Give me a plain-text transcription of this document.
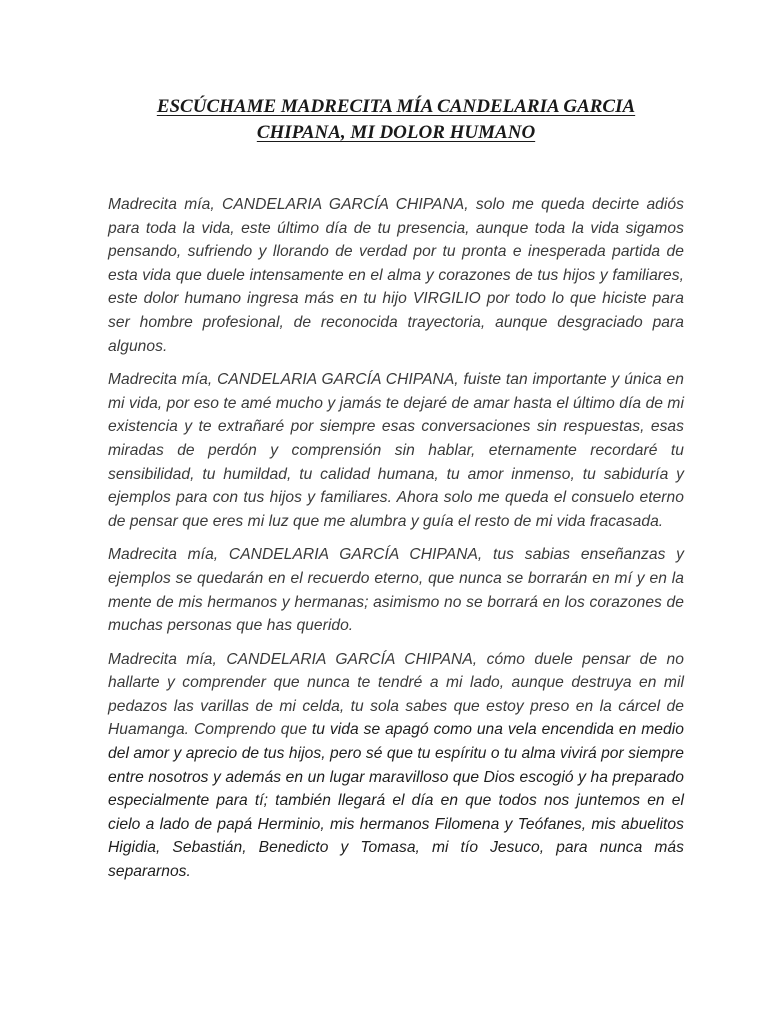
ESCÚCHAME MADRECITA MÍA CANDELARIA GARCIA
CHIPANA, MI DOLOR HUMANO

Madrecita mía, CANDELARIA GARCÍA CHIPANA, solo me queda decirte adiós para toda la vida, este último día de tu presencia, aunque toda la vida sigamos pensando, sufriendo y llorando de verdad por tu pronta e inesperada partida de esta vida que duele intensamente en el alma y corazones de tus hijos y familiares, este dolor humano ingresa más en tu hijo VIRGILIO por todo lo que hiciste para ser hombre profesional, de reconocida trayectoria, aunque desgraciado para algunos.

Madrecita mía, CANDELARIA GARCÍA CHIPANA, fuiste tan importante y única en mi vida, por eso te amé mucho y jamás te dejaré de amar hasta el último día de mi existencia y te extrañaré por siempre esas conversaciones sin respuestas, esas miradas de perdón y comprensión sin hablar, eternamente recordaré tu sensibilidad, tu humildad, tu calidad humana, tu amor inmenso, tu sabiduría y ejemplos para con tus hijos y familiares. Ahora solo me queda el consuelo eterno de pensar que eres mi luz que me alumbra y guía el resto de mi vida fracasada.

Madrecita mía, CANDELARIA GARCÍA CHIPANA, tus sabias enseñanzas y ejemplos se quedarán en el recuerdo eterno, que nunca se borrarán en mí y en la mente de mis hermanos y hermanas; asimismo no se borrará en los corazones de muchas personas que has querido.

Madrecita mía, CANDELARIA GARCÍA CHIPANA, cómo duele pensar de no hallarte y comprender que nunca te tendré a mi lado, aunque destruya en mil pedazos las varillas de mi celda, tu sola sabes que estoy preso en la cárcel de Huamanga. Comprendo que tu vida se apagó como una vela encendida en medio del amor y aprecio de tus hijos, pero sé que tu espíritu o tu alma vivirá por siempre entre nosotros y además en un lugar maravilloso que Dios escogió y ha preparado especialmente para tí; también llegará el día en que todos nos juntemos en el cielo a lado de papá Herminio, mis hermanos Filomena y Teófanes, mis abuelitos Higidia, Sebastián, Benedicto y Tomasa, mi tío Jesuco, para nunca más separarnos.
